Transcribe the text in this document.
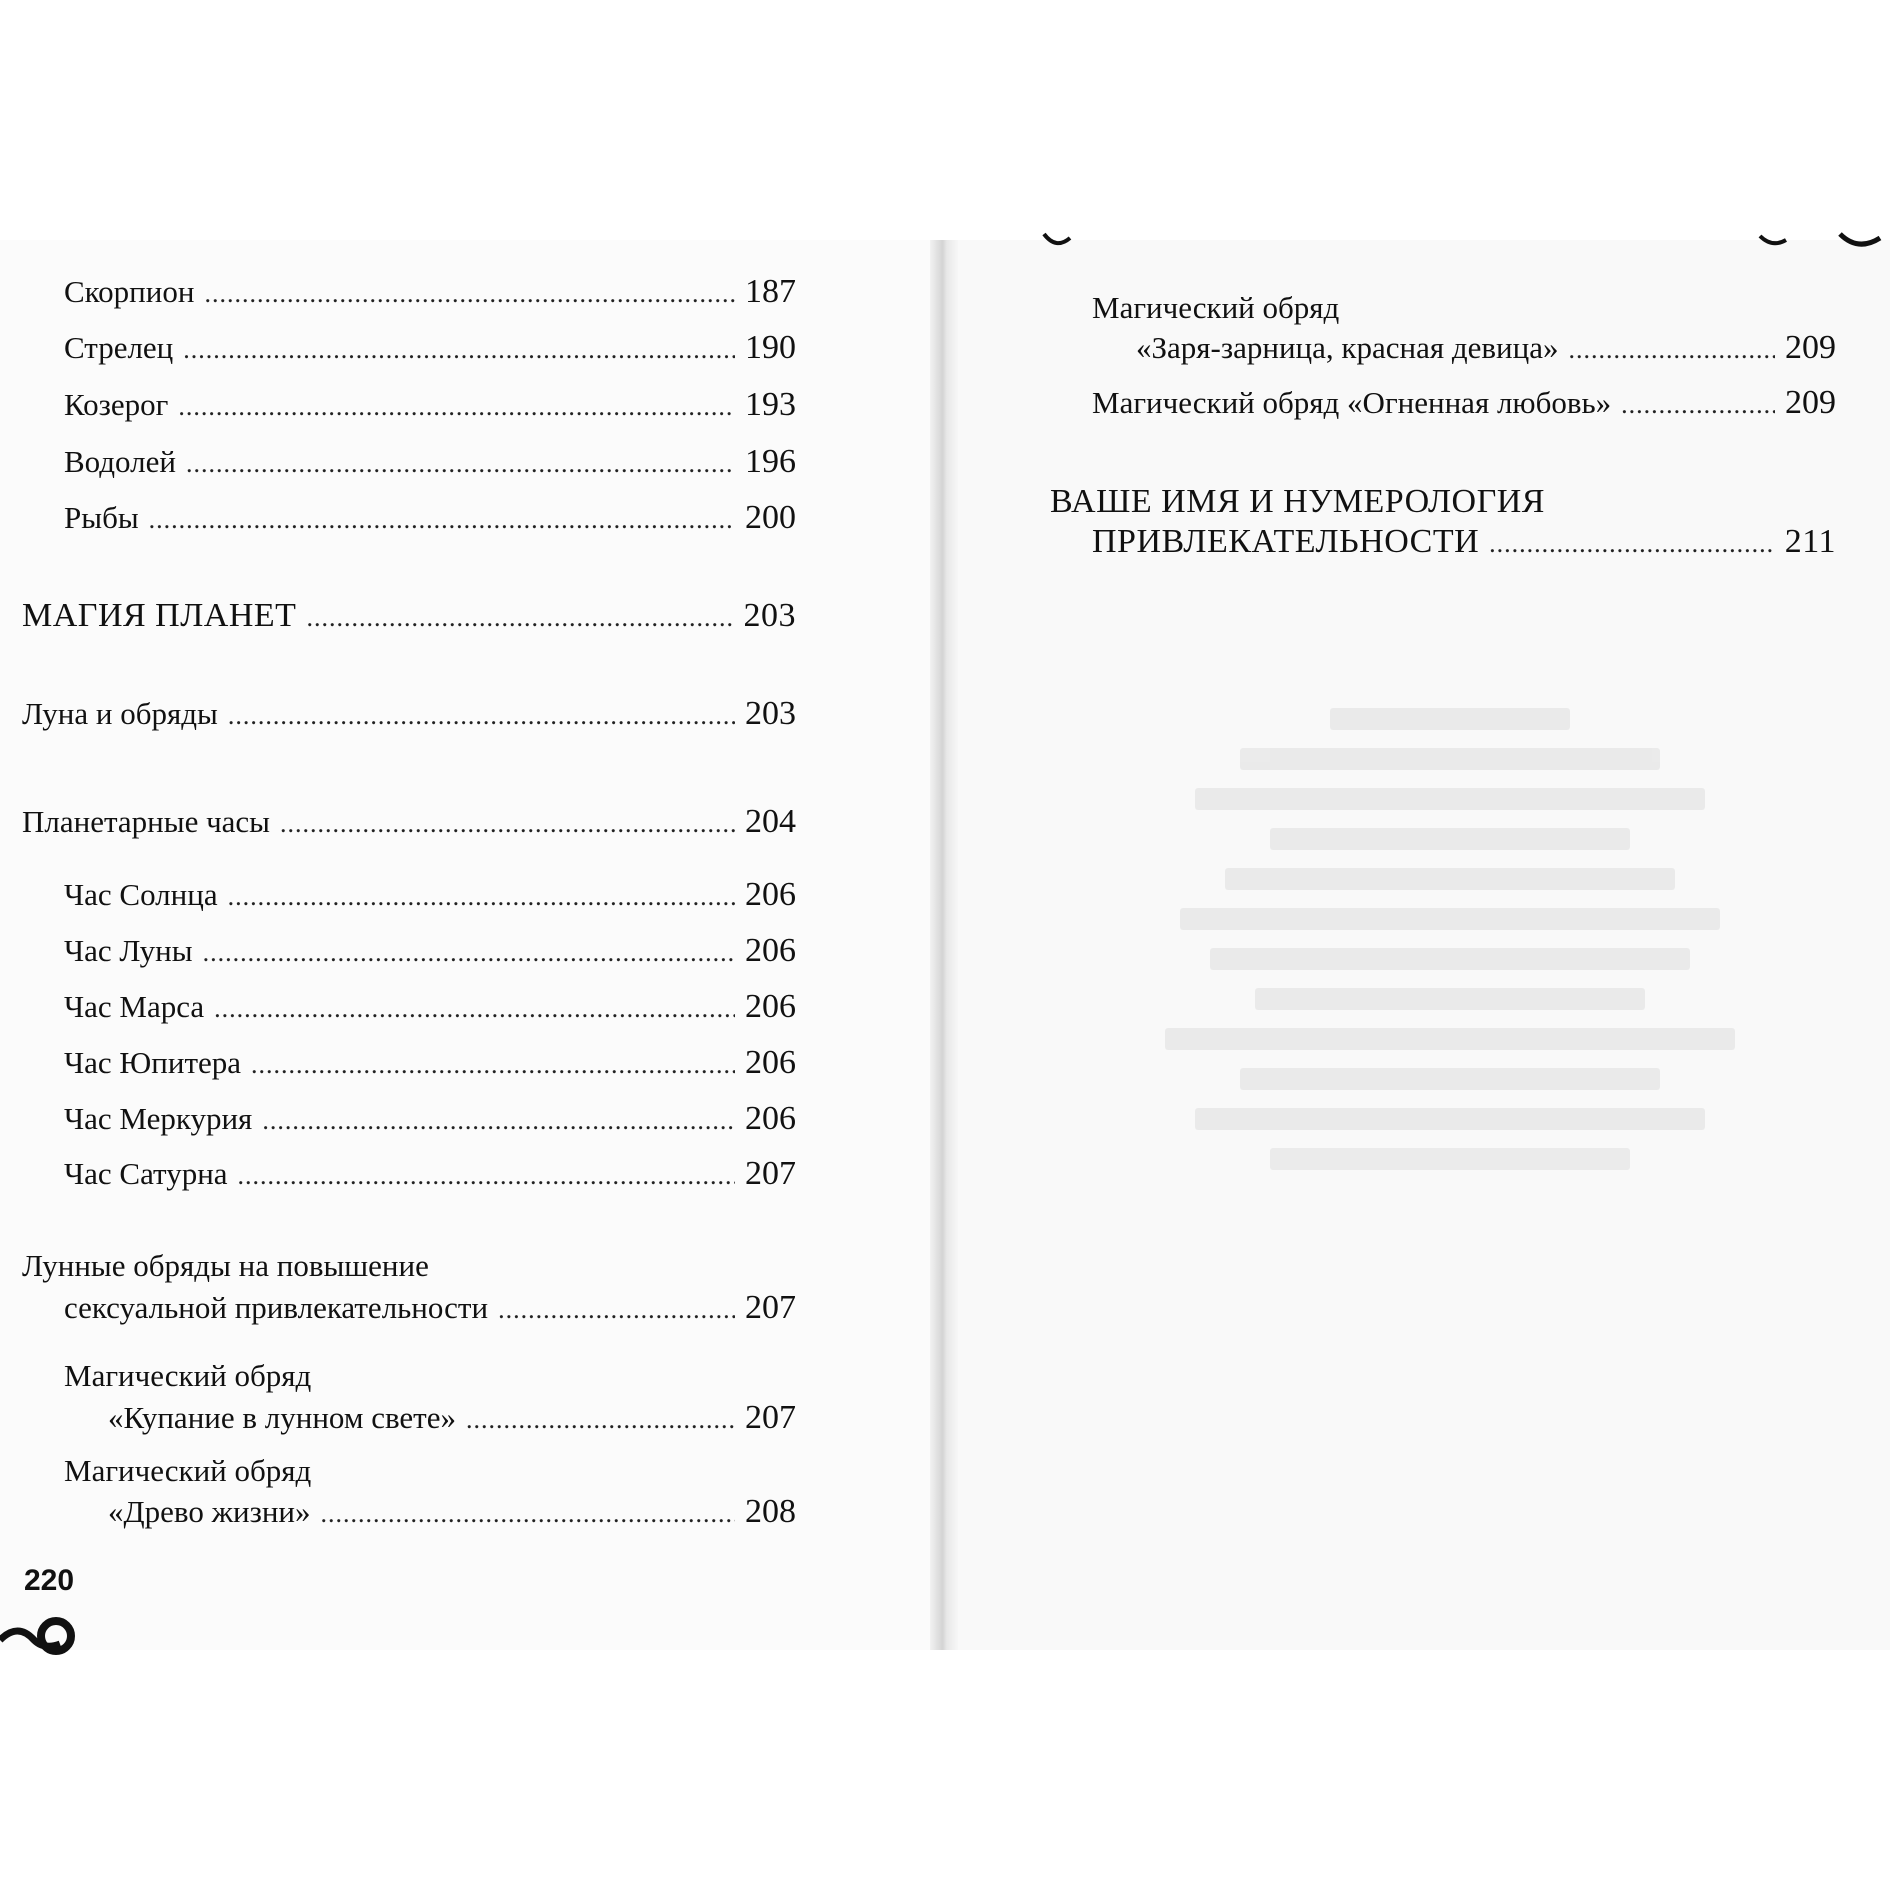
Скорпион .....	187
Стрелец .....	190
Козерог .....	193
Водолей .....	196
Рыбы .....	200
МАГИЯ ПЛАНЕТ .....	203
Луна и обряды .....	203
Планетарные часы .....	204
Час Солнца .....	206
Час Луны .....	206
Час Марса .....	206
Час Юпитера .....	206
Час Меркурия .....	206
Час Сатурна .....	207
Лунные обряды на повышение
сексуальной привлекательности .....	207
Магический обряд
«Купание в лунном свете» .....	207
Магический обряд
«Древо жизни» .....	208
220
Магический обряд
«Заря-зарница, красная девица» .....	209
Магический обряд «Огненная любовь» .....	209
ВАШЕ ИМЯ И НУМЕРОЛОГИЯ
ПРИВЛЕКАТЕЛЬНОСТИ .....	211
